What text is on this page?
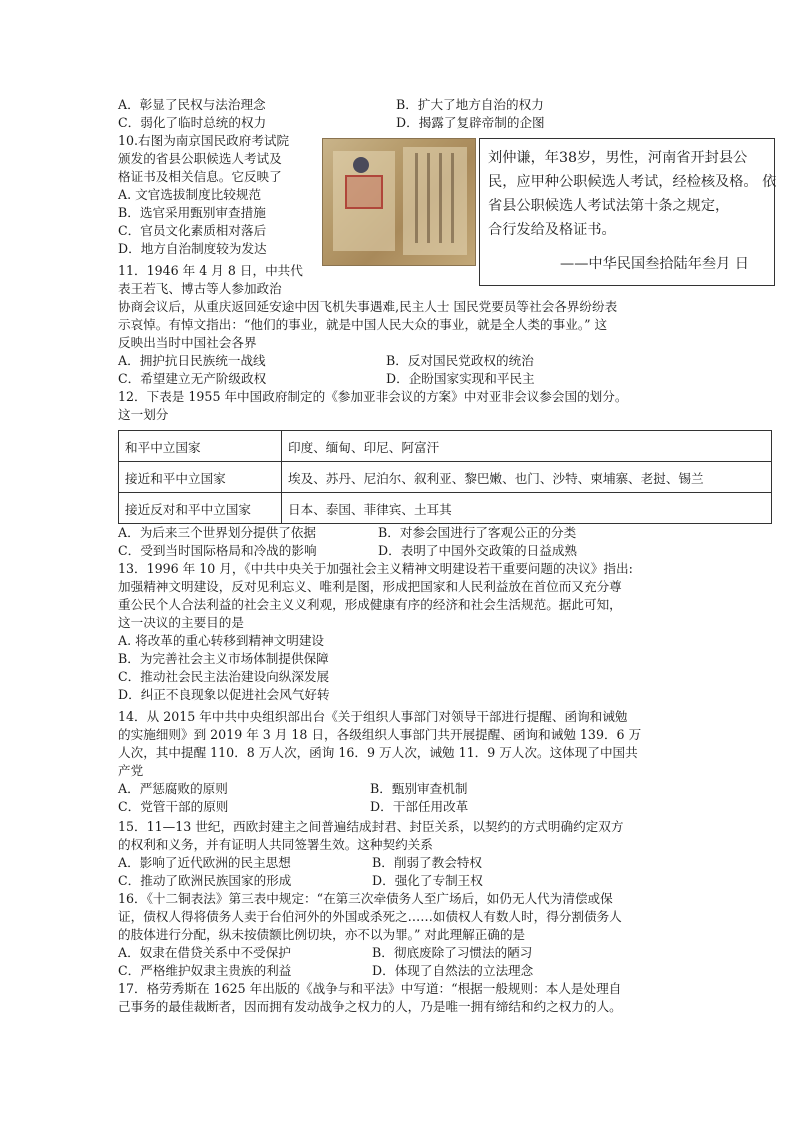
A．彰显了民权与法治理念	B．扩大了地方自治的权力
C．弱化了临时总统的权力	D．揭露了复辟帝制的企图
10.右图为南京国民政府考试院
颁发的省县公职候选人考试及
格证书及相关信息。它反映了
A. 文官选拔制度比较规范
B．选官采用甄别审查措施
C．官员文化素质相对落后
D．地方自治制度较为发达
刘仲谦，年38岁，男性，河南省开封县公
民，应甲种公职候选人考试，经检核及格。 依
省县公职候选人考试法第十条之规定，
合行发给及格证书。
——中华民国叁拾陆年叁月 日
11．1946 年 4 月 8 日，中共代
表王若飞、博古等人参加政治
协商会议后，从重庆返回延安途中因飞机失事遇难,民主人士 国民党要员等社会各界纷纷表
示哀悼。有悼文指出：“他们的事业，就是中国人民大众的事业，就是全人类的事业。” 这
反映出当时中国社会各界
A．拥护抗日民族统一战线	B．反对国民党政权的统治
C．希望建立无产阶级政权	D．企盼国家实现和平民主
12．下表是 1955 年中国政府制定的《参加亚非会议的方案》中对亚非会议参会国的划分。
这一划分
和平中立国家	印度、缅甸、印尼、阿富汗
接近和平中立国家	埃及、苏丹、尼泊尔、叙利亚、黎巴嫩、也门、沙特、柬埔寨、老挝、锡兰
接近反对和平中立国家	日本、泰国、菲律宾、土耳其
A．为后来三个世界划分提供了依据	B．对参会国进行了客观公正的分类
C．受到当时国际格局和冷战的影响	D．表明了中国外交政策的日益成熟
13．1996 年 10 月，《中共中央关于加强社会主义精神文明建设若干重要问题的决议》指出:
加强精神文明建设，反对见利忘义、唯利是图，形成把国家和人民利益放在首位而又充分尊
重公民个人合法利益的社会主义义利观，形成健康有序的经济和社会生活规范。据此可知，
这一决议的主要目的是
A. 将改革的重心转移到精神文明建设
B．为完善社会主义市场体制提供保障
C．推动社会民主法治建设向纵深发展
D．纠正不良现象以促进社会风气好转
14．从 2015 年中共中央组织部出台《关于组织人事部门对领导干部进行提醒、函询和诫勉
的实施细则》到 2019 年 3 月 18 日，各级组织人事部门共开展提醒、函询和诫勉 139．6 万
人次，其中提醒 110．8 万人次，函询 16．9 万人次，诫勉 11．9 万人次。这体现了中国共
产党
A．严惩腐败的原则	B．甄别审查机制
C．党管干部的原则	D．干部任用改革
15．11—13 世纪，西欧封建主之间普遍结成封君、封臣关系，以契约的方式明确约定双方
的权利和义务，并有证明人共同签署生效。这种契约关系
A．影响了近代欧洲的民主思想	B．削弱了教会特权
C．推动了欧洲民族国家的形成	D．强化了专制王权
16．《十二铜表法》第三表中规定：“在第三次牵债务人至广场后，如仍无人代为清偿或保
证，债权人得将债务人卖于台伯河外的外国或杀死之……如债权人有数人时，得分割债务人
的肢体进行分配，纵未按债额比例切块，亦不以为罪。” 对此理解正确的是
A．奴隶在借贷关系中不受保护	B．彻底废除了习惯法的陋习
C．严格维护奴隶主贵族的利益	D．体现了自然法的立法理念
17．格劳秀斯在 1625 年出版的《战争与和平法》中写道：“根据一般规则：本人是处理自
己事务的最佳裁断者，因而拥有发动战争之权力的人，乃是唯一拥有缔结和约之权力的人。
